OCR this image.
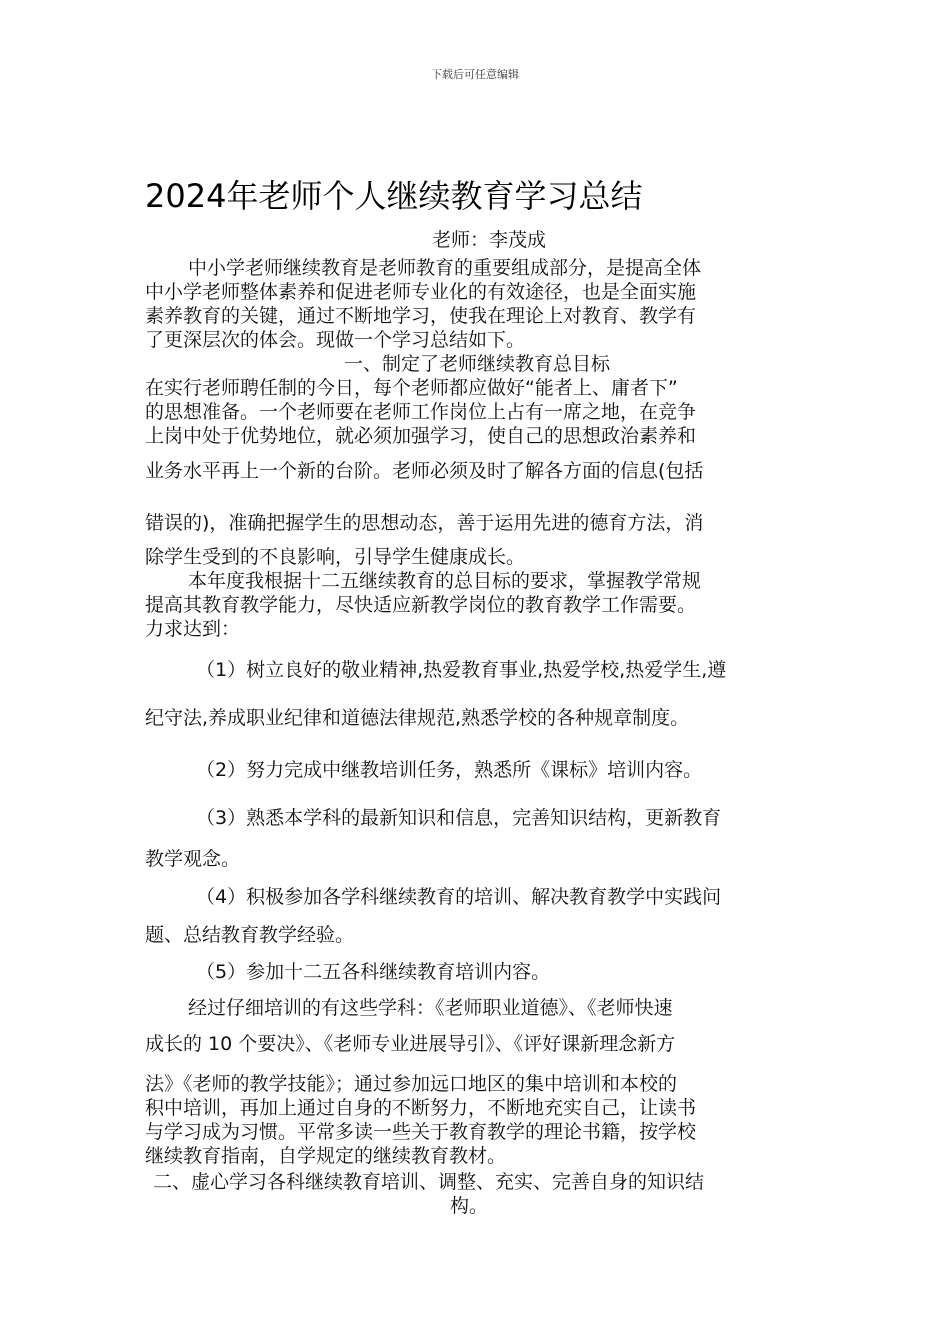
下载后可任意编辑
2024年老师个人继续教育学习总结
老师：李茂成
中小学老师继续教育是老师教育的重要组成部分，是提高全体
中小学老师整体素养和促进老师专业化的有效途径，也是全面实施
素养教育的关键，通过不断地学习，使我在理论上对教育、教学有
了更深层次的体会。现做一个学习总结如下。
一、制定了老师继续教育总目标
在实行老师聘任制的今日，每个老师都应做好“能者上、庸者下”
的思想准备。一个老师要在老师工作岗位上占有一席之地，在竞争
上岗中处于优势地位，就必须加强学习，使自己的思想政治素养和
业务水平再上一个新的台阶。老师必须及时了解各方面的信息(包括
错误的)，准确把握学生的思想动态，善于运用先进的德育方法，消
除学生受到的不良影响，引导学生健康成长。
本年度我根据十二五继续教育的总目标的要求，掌握教学常规
提高其教育教学能力，尽快适应新教学岗位的教育教学工作需要。
力求达到：
（1）树立良好的敬业精神,热爱教育事业,热爱学校,热爱学生,遵
纪守法,养成职业纪律和道德法律规范,熟悉学校的各种规章制度。
（2）努力完成中继教培训任务，熟悉所《课标》培训内容。
（3）熟悉本学科的最新知识和信息，完善知识结构，更新教育
教学观念。
（4）积极参加各学科继续教育的培训、解决教育教学中实践问
题、总结教育教学经验。
（5）参加十二五各科继续教育培训内容。
经过仔细培训的有这些学科：《老师职业道德》、《老师快速
成长的 10 个要决》、《老师专业进展导引》、《评好课新理念新方
法》《老师的教学技能》；通过参加远口地区的集中培训和本校的
积中培训，再加上通过自身的不断努力，不断地充实自己，让读书
与学习成为习惯。平常多读一些关于教育教学的理论书籍，按学校
继续教育指南，自学规定的继续教育教材。
二、虚心学习各科继续教育培训、调整、充实、完善自身的知识结
构。
